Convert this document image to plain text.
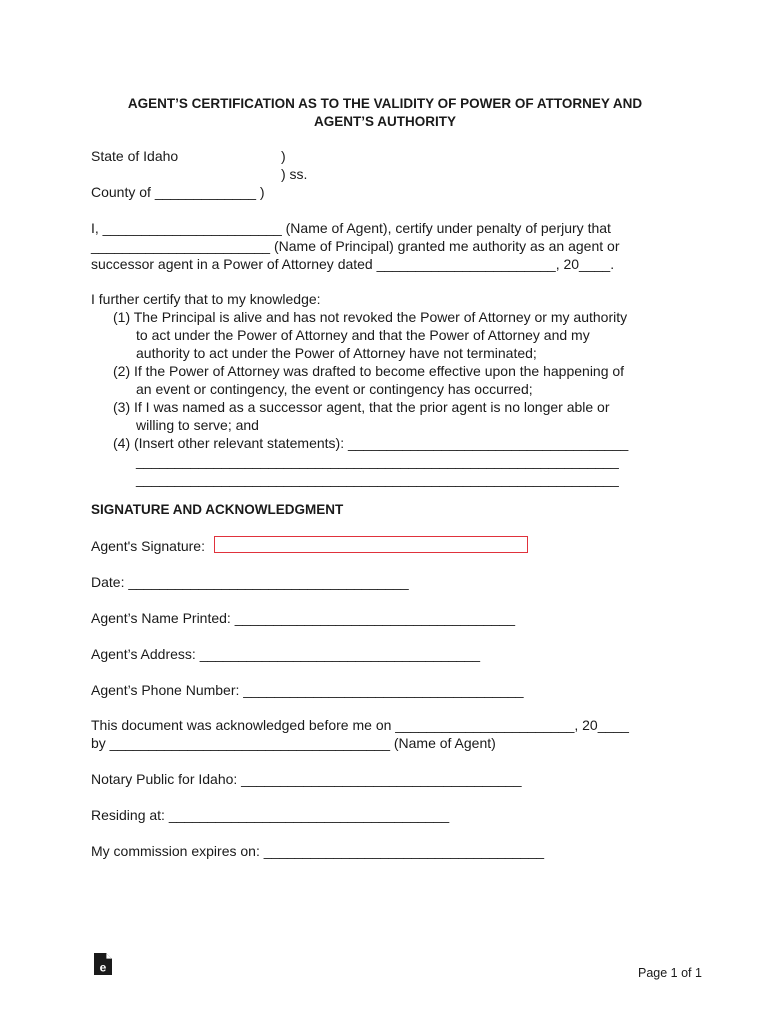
AGENT’S CERTIFICATION AS TO THE VALIDITY OF POWER OF ATTORNEY AND
AGENT’S AUTHORITY
State of Idaho	)
) ss.
County of _____________ )
I, _______________________ (Name of Agent), certify under penalty of perjury that
_______________________ (Name of Principal) granted me authority as an agent or
successor agent in a Power of Attorney dated _______________________, 20____.
I further certify that to my knowledge:
(1) The Principal is alive and has not revoked the Power of Attorney or my authority
to act under the Power of Attorney and that the Power of Attorney and my
authority to act under the Power of Attorney have not terminated;
(2) If the Power of Attorney was drafted to become effective upon the happening of
an event or contingency, the event or contingency has occurred;
(3) If I was named as a successor agent, that the prior agent is no longer able or
willing to serve; and
(4) (Insert other relevant statements): ____________________________________
______________________________________________________________
______________________________________________________________
SIGNATURE AND ACKNOWLEDGMENT
Agent's Signature:
Date: ____________________________________
Agent’s Name Printed: ____________________________________
Agent’s Address: ____________________________________
Agent’s Phone Number: ____________________________________
This document was acknowledged before me on _______________________, 20____
by ____________________________________ (Name of Agent)
Notary Public for Idaho: ____________________________________
Residing at: ____________________________________
My commission expires on: ____________________________________
e	Page 1 of 1
